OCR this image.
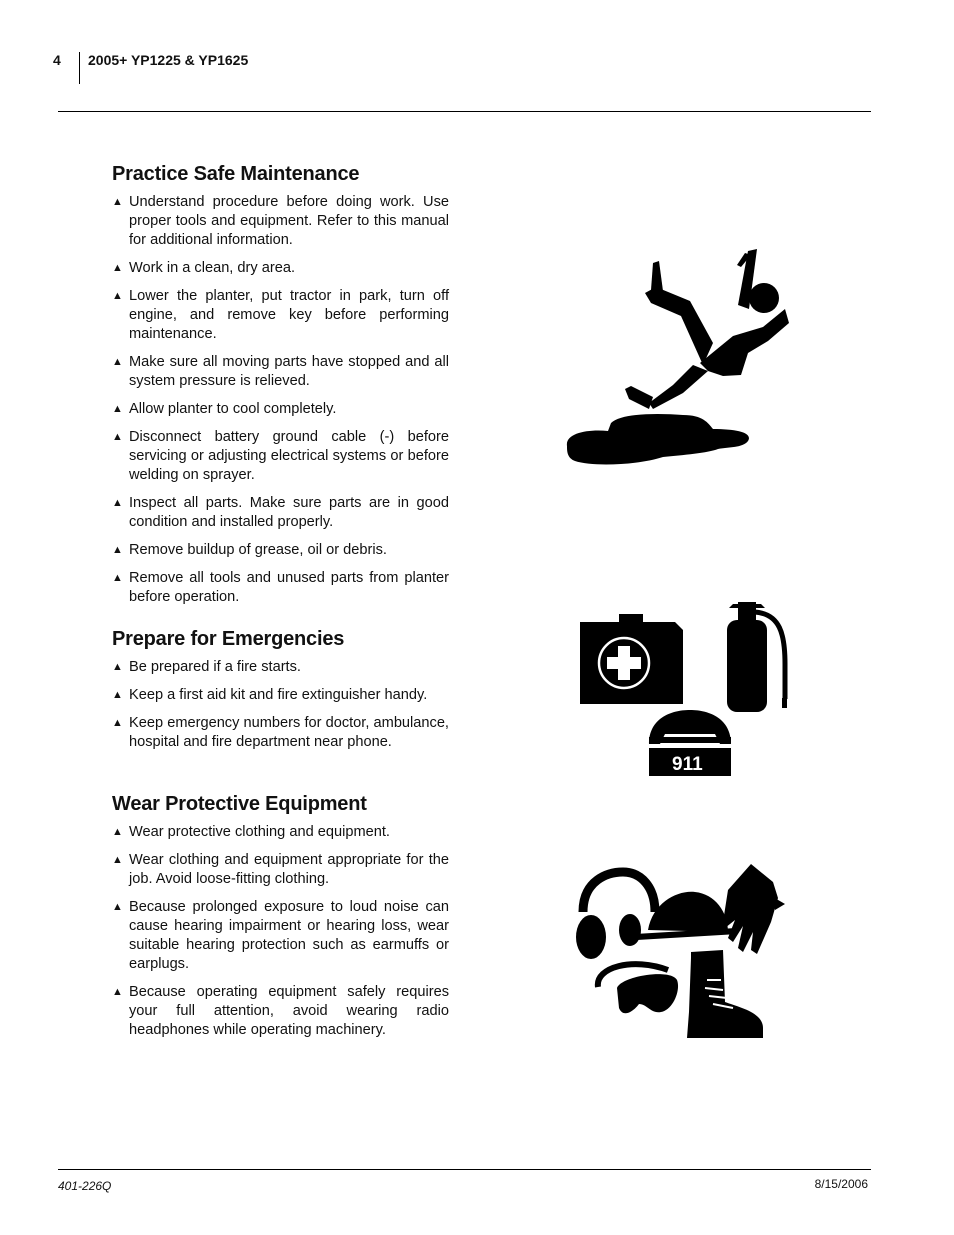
4 2005+ YP1225 & YP1625
Practice Safe Maintenance
▲ Understand procedure before doing work. Use proper tools and equipment. Refer to this manual for additional information.
▲ Work in a clean, dry area.
▲ Lower the planter, put tractor in park, turn off engine, and remove key before performing maintenance.
▲ Make sure all moving parts have stopped and all system pressure is relieved.
▲ Allow planter to cool completely.
▲ Disconnect battery ground cable (-) before servicing or adjusting electrical systems or before welding on sprayer.
▲ Inspect all parts. Make sure parts are in good condition and installed properly.
▲ Remove buildup of grease, oil or debris.
▲ Remove all tools and unused parts from planter before operation.
Prepare for Emergencies
▲ Be prepared if a fire starts.
▲ Keep a first aid kit and fire extinguisher handy.
▲ Keep emergency numbers for doctor, ambulance, hospital and fire department near phone.
Wear Protective Equipment
▲ Wear protective clothing and equipment.
▲ Wear clothing and equipment appropriate for the job. Avoid loose-fitting clothing.
▲ Because prolonged exposure to loud noise can cause hearing impairment or hearing loss, wear suitable hearing protection such as earmuffs or earplugs.
▲ Because operating equipment safely requires your full attention, avoid wearing radio headphones while operating machinery.
911
401-226Q	8/15/2006
